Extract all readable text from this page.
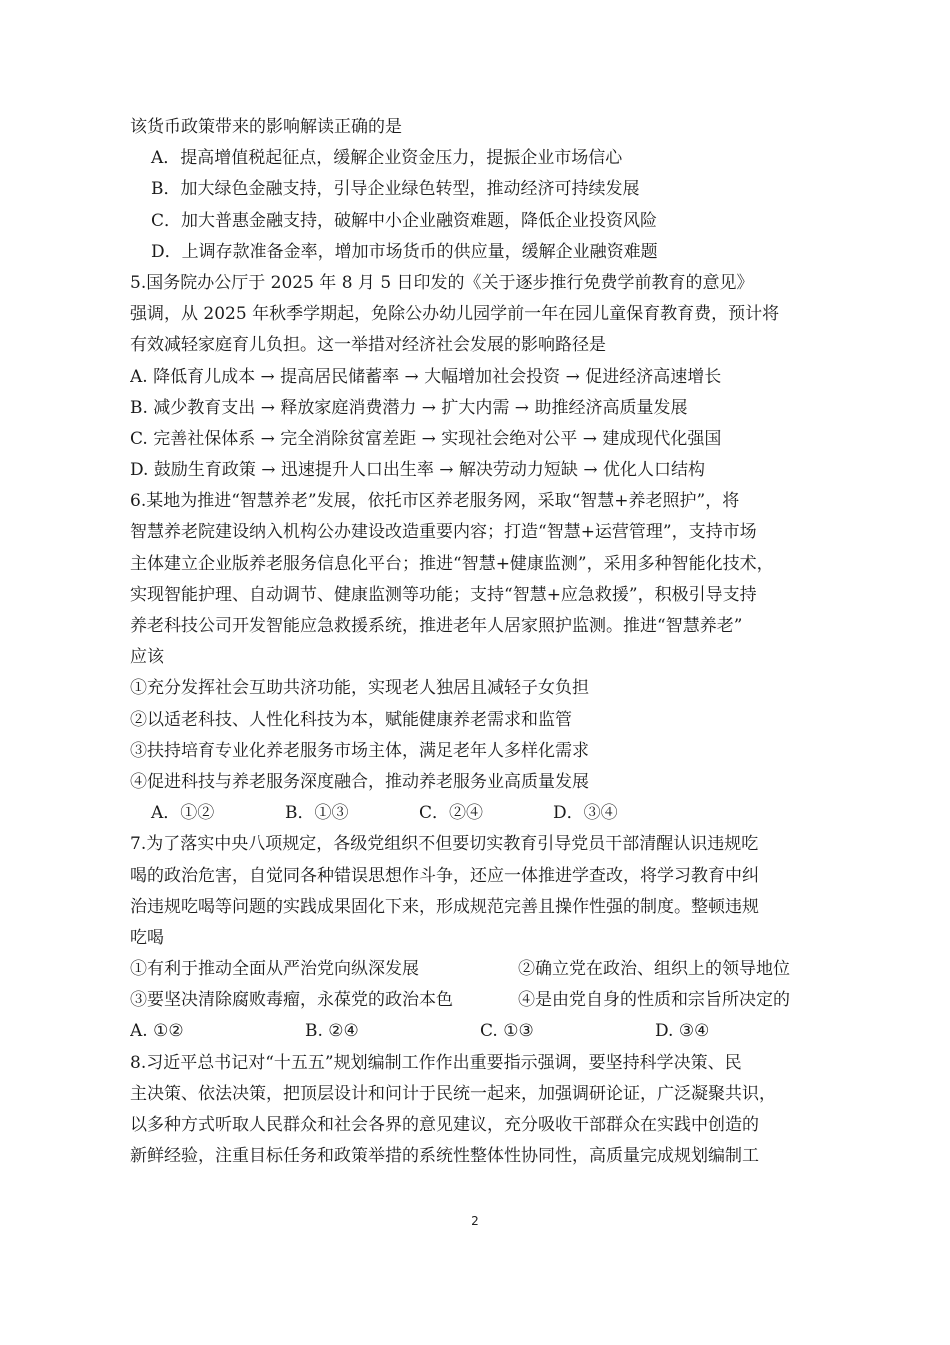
该货币政策带来的影响解读正确的是
A．提高增值税起征点，缓解企业资金压力，提振企业市场信心
B．加大绿色金融支持，引导企业绿色转型，推动经济可持续发展
C．加大普惠金融支持，破解中小企业融资难题，降低企业投资风险
D．上调存款准备金率，增加市场货币的供应量，缓解企业融资难题
5.国务院办公厅于 2025 年 8 月 5 日印发的《关于逐步推行免费学前教育的意见》
强调，从 2025 年秋季学期起，免除公办幼儿园学前一年在园儿童保育教育费，预计将
有效减轻家庭育儿负担。这一举措对经济社会发展的影响路径是
A. 降低育儿成本 → 提高居民储蓄率 → 大幅增加社会投资 → 促进经济高速增长
B. 减少教育支出 → 释放家庭消费潜力 → 扩大内需 → 助推经济高质量发展
C. 完善社保体系 → 完全消除贫富差距 → 实现社会绝对公平 → 建成现代化强国
D. 鼓励生育政策 → 迅速提升人口出生率 → 解决劳动力短缺 → 优化人口结构
6.某地为推进“智慧养老”发展，依托市区养老服务网，采取“智慧+养老照护”，将
智慧养老院建设纳入机构公办建设改造重要内容；打造“智慧+运营管理”，支持市场
主体建立企业版养老服务信息化平台；推进“智慧+健康监测”，采用多种智能化技术，
实现智能护理、自动调节、健康监测等功能；支持“智慧+应急救援”，积极引导支持
养老科技公司开发智能应急救援系统，推进老年人居家照护监测。推进“智慧养老”
应该
①充分发挥社会互助共济功能，实现老人独居且减轻子女负担
②以适老科技、人性化科技为本，赋能健康养老需求和监管
③扶持培育专业化养老服务市场主体，满足老年人多样化需求
④促进科技与养老服务深度融合，推动养老服务业高质量发展
A．①②	B．①③	C．②④	D．③④
7.为了落实中央八项规定，各级党组织不但要切实教育引导党员干部清醒认识违规吃
喝的政治危害，自觉同各种错误思想作斗争，还应一体推进学查改，将学习教育中纠
治违规吃喝等问题的实践成果固化下来，形成规范完善且操作性强的制度。整顿违规
吃喝
①有利于推动全面从严治党向纵深发展	②确立党在政治、组织上的领导地位
③要坚决清除腐败毒瘤，永葆党的政治本色	④是由党自身的性质和宗旨所决定的
A. ①②	B. ②④	C. ①③	D. ③④
8.习近平总书记对“十五五”规划编制工作作出重要指示强调，要坚持科学决策、民
主决策、依法决策，把顶层设计和问计于民统一起来，加强调研论证，广泛凝聚共识，
以多种方式听取人民群众和社会各界的意见建议，充分吸收干部群众在实践中创造的
新鲜经验，注重目标任务和政策举措的系统性整体性协同性，高质量完成规划编制工
2
